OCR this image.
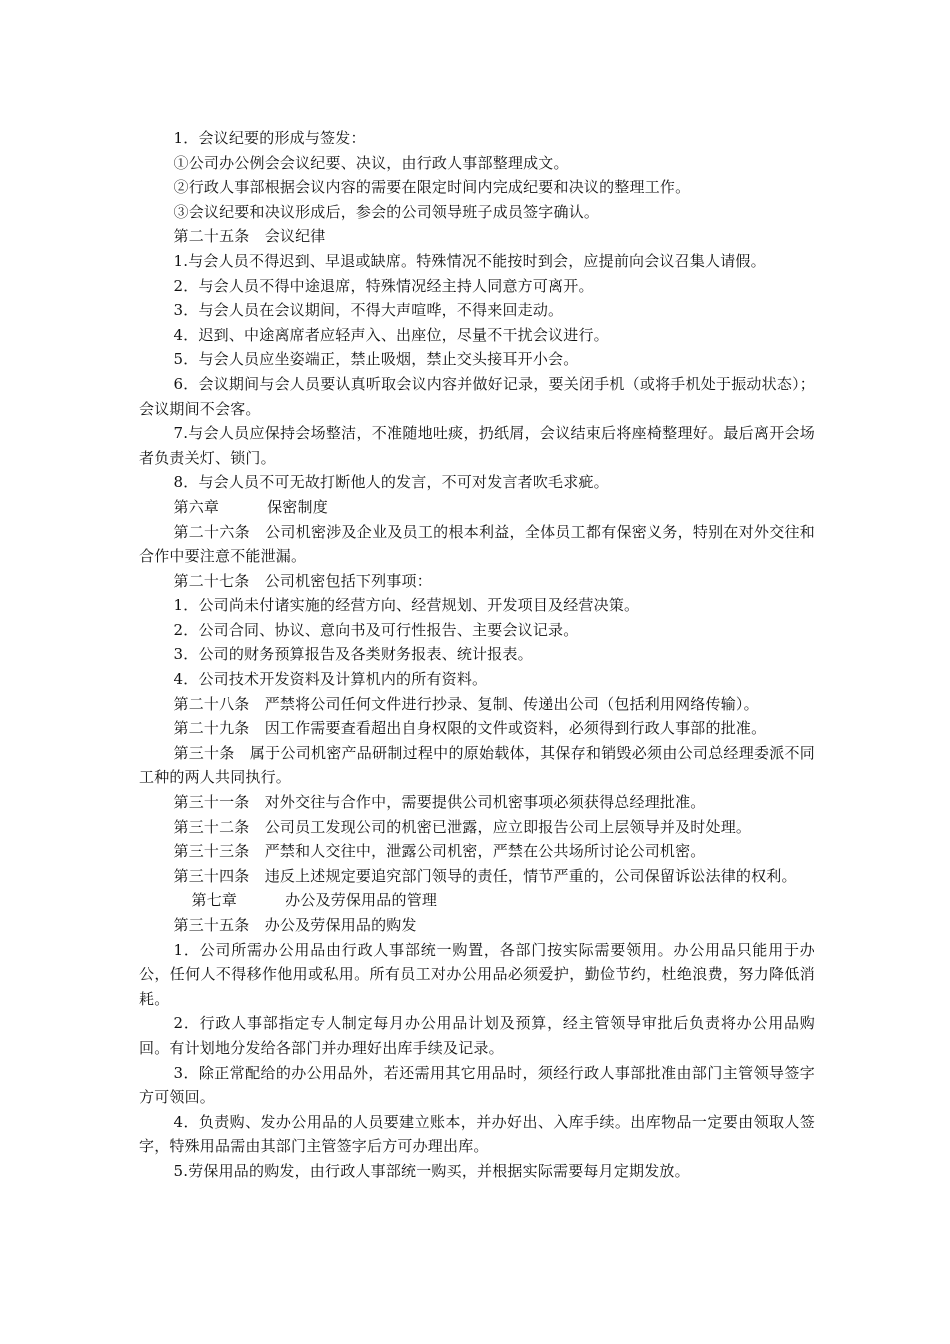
1．会议纪要的形成与签发：

①公司办公例会会议纪要、决议，由行政人事部整理成文。

②行政人事部根据会议内容的需要在限定时间内完成纪要和决议的整理工作。

③会议纪要和决议形成后，参会的公司领导班子成员签字确认。

第二十五条　会议纪律

1.与会人员不得迟到、早退或缺席。特殊情况不能按时到会，应提前向会议召集人请假。

2．与会人员不得中途退席，特殊情况经主持人同意方可离开。

3．与会人员在会议期间，不得大声喧哗，不得来回走动。

4．迟到、中途离席者应轻声入、出座位，尽量不干扰会议进行。

5．与会人员应坐姿端正，禁止吸烟，禁止交头接耳开小会。

6．会议期间与会人员要认真听取会议内容并做好记录，要关闭手机（或将手机处于振动状态）；会议期间不会客。

7.与会人员应保持会场整洁，不准随地吐痰，扔纸屑，会议结束后将座椅整理好。最后离开会场者负责关灯、锁门。

8．与会人员不可无故打断他人的发言，不可对发言者吹毛求疵。

第六章	保密制度

第二十六条　公司机密涉及企业及员工的根本利益，全体员工都有保密义务，特别在对外交往和合作中要注意不能泄漏。

第二十七条　公司机密包括下列事项：

1．公司尚未付诸实施的经营方向、经营规划、开发项目及经营决策。

2．公司合同、协议、意向书及可行性报告、主要会议记录。

3．公司的财务预算报告及各类财务报表、统计报表。

4．公司技术开发资料及计算机内的所有资料。

第二十八条　严禁将公司任何文件进行抄录、复制、传递出公司（包括利用网络传输）。

第二十九条　因工作需要查看超出自身权限的文件或资料，必须得到行政人事部的批准。

第三十条　属于公司机密产品研制过程中的原始载体，其保存和销毁必须由公司总经理委派不同工种的两人共同执行。

第三十一条　对外交往与合作中，需要提供公司机密事项必须获得总经理批准。

第三十二条　公司员工发现公司的机密已泄露，应立即报告公司上层领导并及时处理。

第三十三条　严禁和人交往中，泄露公司机密，严禁在公共场所讨论公司机密。

第三十四条　违反上述规定要追究部门领导的责任，情节严重的，公司保留诉讼法律的权利。

第七章	办公及劳保用品的管理

第三十五条　办公及劳保用品的购发

1．公司所需办公用品由行政人事部统一购置，各部门按实际需要领用。办公用品只能用于办公，任何人不得移作他用或私用。所有员工对办公用品必须爱护，勤俭节约，杜绝浪费，努力降低消耗。

2．行政人事部指定专人制定每月办公用品计划及预算，经主管领导审批后负责将办公用品购回。有计划地分发给各部门并办理好出库手续及记录。

3．除正常配给的办公用品外，若还需用其它用品时，须经行政人事部批准由部门主管领导签字方可领回。

4．负责购、发办公用品的人员要建立账本，并办好出、入库手续。出库物品一定要由领取人签字，特殊用品需由其部门主管签字后方可办理出库。

5.劳保用品的购发，由行政人事部统一购买，并根据实际需要每月定期发放。
